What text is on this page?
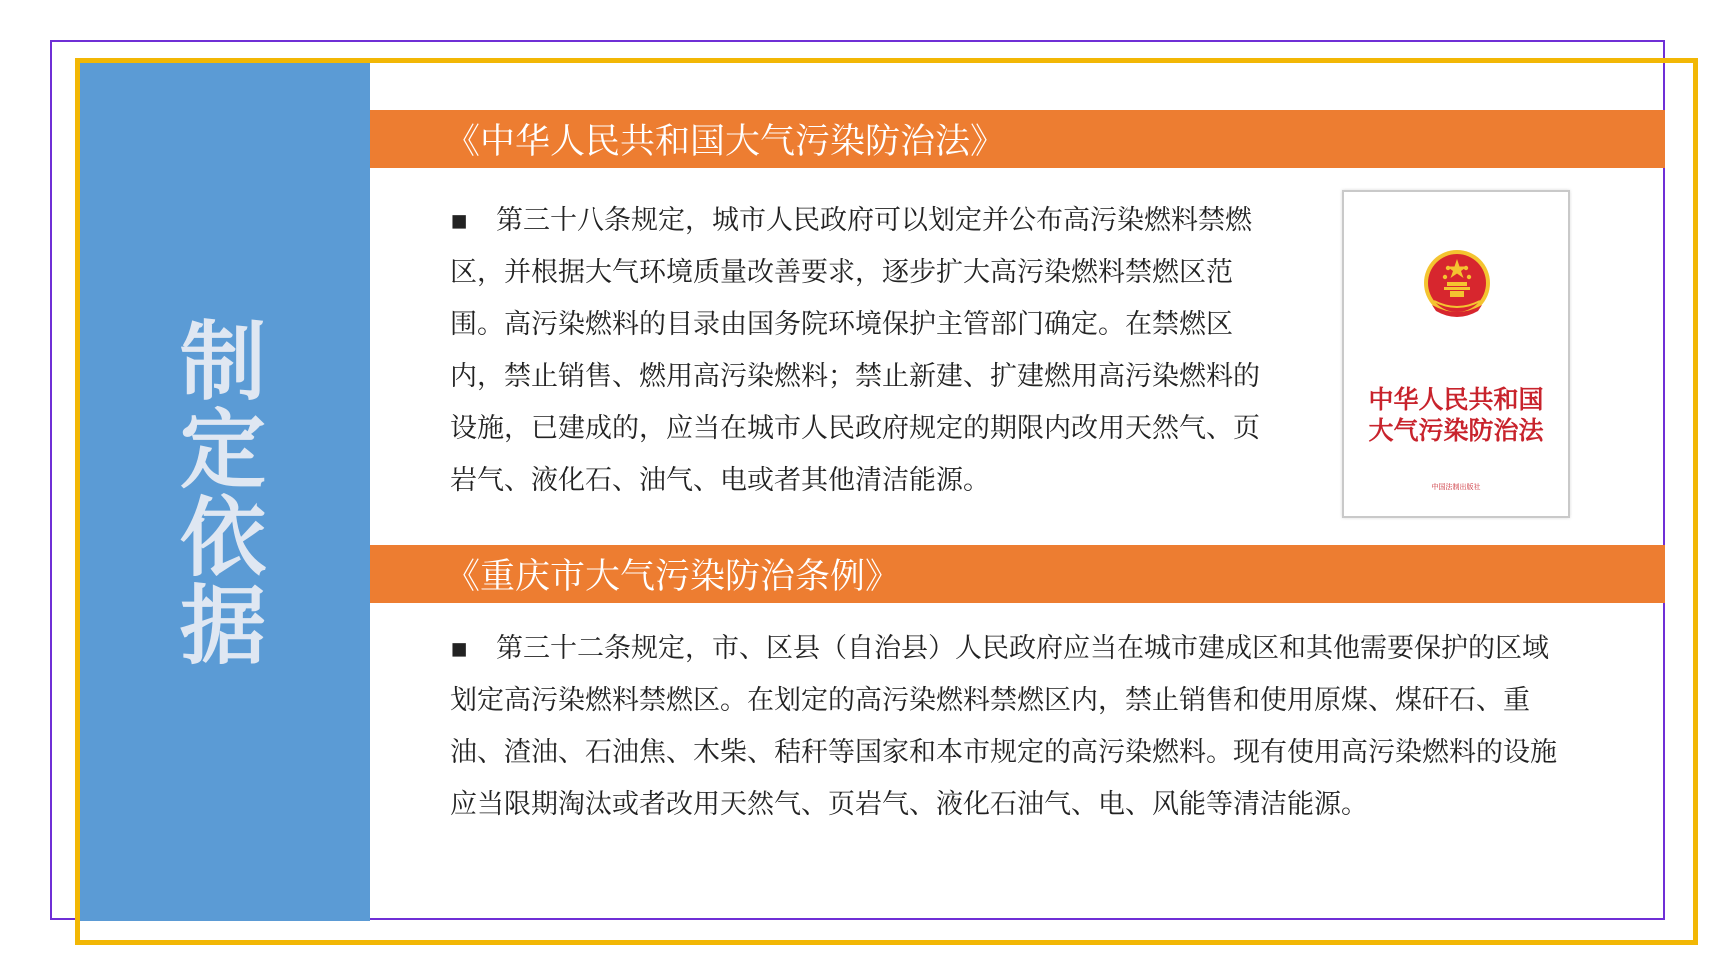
制定依据
《中华人民共和国大气污染防治法》

▪ 第三十八条规定，城市人民政府可以划定并公布高污染燃料禁燃区，并根据大气环境质量改善要求，逐步扩大高污染燃料禁燃区范围。高污染燃料的目录由国务院环境保护主管部门确定。在禁燃区内，禁止销售、燃用高污染燃料；禁止新建、扩建燃用高污染燃料的设施，已建成的，应当在城市人民政府规定的期限内改用天然气、页岩气、液化石、油气、电或者其他清洁能源。

中华人民共和国
大气污染防治法

中国法制出版社

《重庆市大气污染防治条例》

▪ 第三十二条规定，市、区县（自治县）人民政府应当在城市建成区和其他需要保护的区域划定高污染燃料禁燃区。在划定的高污染燃料禁燃区内，禁止销售和使用原煤、煤矸石、重油、渣油、石油焦、木柴、秸秆等国家和本市规定的高污染燃料。现有使用高污染燃料的设施应当限期淘汰或者改用天然气、页岩气、液化石油气、电、风能等清洁能源。
